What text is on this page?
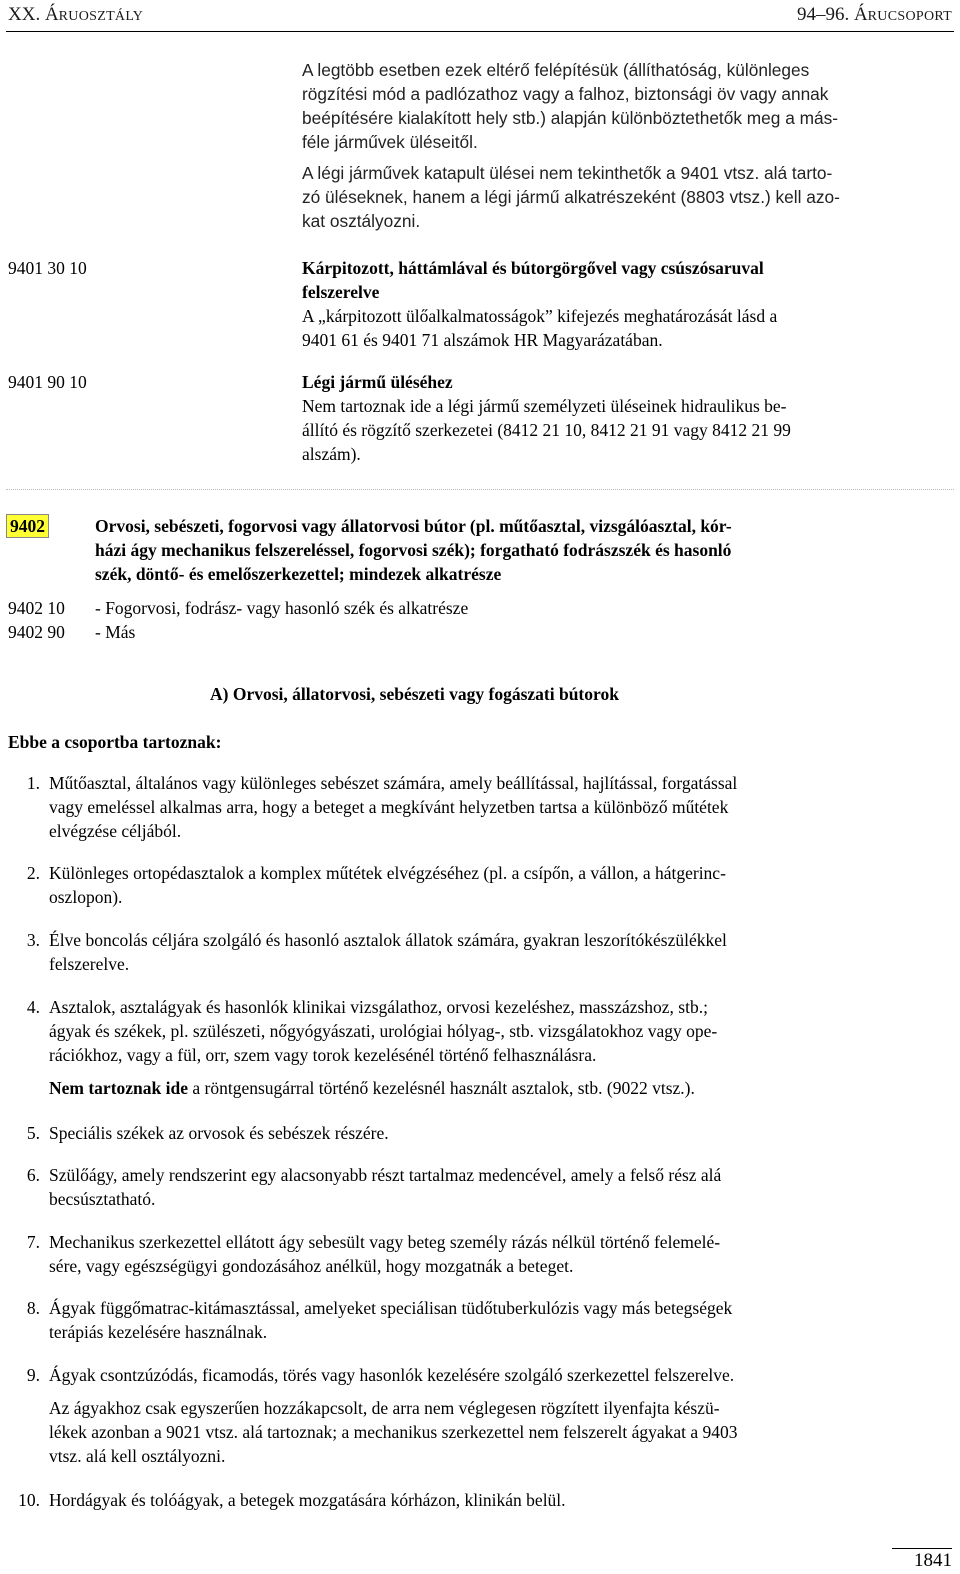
XX. ÁRUOSZTÁLY	94–96. ÁRUCSOPORT
A legtöbb esetben ezek eltérő felépítésük (állíthatóság, különleges
rögzítési mód a padlózathoz vagy a falhoz, biztonsági öv vagy annak
beépítésére kialakított hely stb.) alapján különböztethetők meg a más-
féle járművek üléseitől.
A légi járművek katapult ülései nem tekinthetők a 9401 vtsz. alá tarto-
zó üléseknek, hanem a légi jármű alkatrészeként (8803 vtsz.) kell azo-
kat osztályozni.
9401 30 10	Kárpitozott, háttámlával és bútorgörgővel vagy csúszósaruval
felszerelve
A „kárpitozott ülőalkalmatosságok” kifejezés meghatározását lásd a
9401 61 és 9401 71 alszámok HR Magyarázatában.
9401 90 10	Légi jármű üléséhez
Nem tartoznak ide a légi jármű személyzeti üléseinek hidraulikus be-
állító és rögzítő szerkezetei (8412 21 10, 8412 21 91 vagy 8412 21 99
alszám).
9402	Orvosi, sebészeti, fogorvosi vagy állatorvosi bútor (pl. műtőasztal, vizsgálóasztal, kór-
házi ágy mechanikus felszereléssel, fogorvosi szék); forgatható fodrászszék és hasonló
szék, döntő- és emelőszerkezettel; mindezek alkatrésze
9402 10 - Fogorvosi, fodrász- vagy hasonló szék és alkatrésze
9402 90 - Más
A) Orvosi, állatorvosi, sebészeti vagy fogászati bútorok
Ebbe a csoportba tartoznak:
1. Műtőasztal, általános vagy különleges sebészet számára, amely beállítással, hajlítással, forgatással
vagy emeléssel alkalmas arra, hogy a beteget a megkívánt helyzetben tartsa a különböző műtétek
elvégzése céljából.
2. Különleges ortopédasztalok a komplex műtétek elvégzéséhez (pl. a csípőn, a vállon, a hátgerinc-
oszlopon).
3. Élve boncolás céljára szolgáló és hasonló asztalok állatok számára, gyakran leszorítókészülékkel
felszerelve.
4. Asztalok, asztalágyak és hasonlók klinikai vizsgálathoz, orvosi kezeléshez, masszázshoz, stb.;
ágyak és székek, pl. szülészeti, nőgyógyászati, urológiai hólyag-, stb. vizsgálatokhoz vagy ope-
rációkhoz, vagy a fül, orr, szem vagy torok kezelésénél történő felhasználásra.
Nem tartoznak ide a röntgensugárral történő kezelésnél használt asztalok, stb. (9022 vtsz.).
5. Speciális székek az orvosok és sebészek részére.
6. Szülőágy, amely rendszerint egy alacsonyabb részt tartalmaz medencével, amely a felső rész alá
becsúsztatható.
7. Mechanikus szerkezettel ellátott ágy sebesült vagy beteg személy rázás nélkül történő felemelé-
sére, vagy egészségügyi gondozásához anélkül, hogy mozgatnák a beteget.
8. Ágyak függőmatrac-kitámasztással, amelyeket speciálisan tüdőtuberkulózis vagy más betegségek
terápiás kezelésére használnak.
9. Ágyak csontzúzódás, ficamodás, törés vagy hasonlók kezelésére szolgáló szerkezettel felszerelve.
Az ágyakhoz csak egyszerűen hozzákapcsolt, de arra nem véglegesen rögzített ilyenfajta készü-
lékek azonban a 9021 vtsz. alá tartoznak; a mechanikus szerkezettel nem felszerelt ágyakat a 9403
vtsz. alá kell osztályozni.
10. Hordágyak és tolóágyak, a betegek mozgatására kórházon, klinikán belül.
1841
